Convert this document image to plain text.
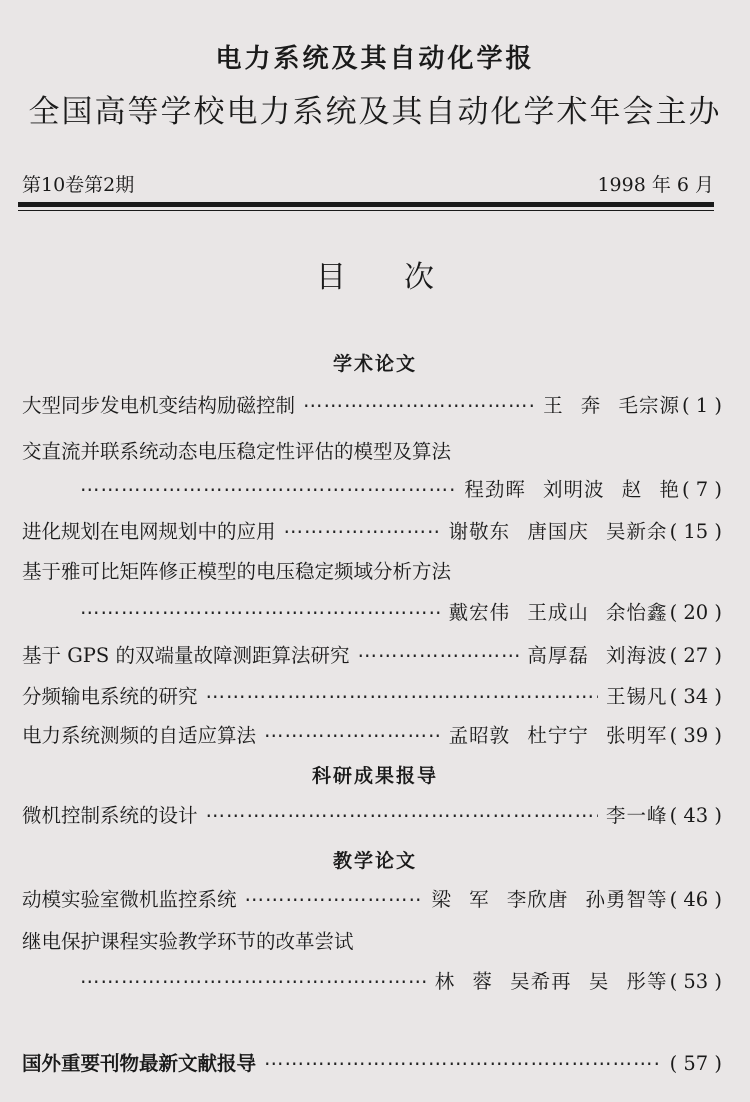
电力系统及其自动化学报
全国高等学校电力系统及其自动化学术年会主办
第10卷第2期	1998 年 6 月
目次
学术论文
大型同步发电机变结构励磁控制 ⋯⋯⋯⋯⋯⋯⋯⋯⋯⋯⋯⋯⋯⋯⋯⋯⋯⋯⋯⋯⋯⋯⋯⋯⋯⋯⋯⋯⋯⋯⋯⋯⋯⋯⋯⋯⋯⋯⋯⋯⋯⋯⋯⋯⋯⋯⋯⋯	王 奔 毛宗源 ( 1 )
交直流并联系统动态电压稳定性评估的模型及算法
⋯⋯⋯⋯⋯⋯⋯⋯⋯⋯⋯⋯⋯⋯⋯⋯⋯⋯⋯⋯⋯⋯⋯⋯⋯⋯⋯⋯⋯⋯⋯⋯⋯⋯⋯⋯⋯⋯⋯⋯⋯⋯⋯⋯⋯⋯⋯⋯
程劲晖 刘明波 赵 艳 ( 7 )
进化规划在电网规划中的应用 ⋯⋯⋯⋯⋯⋯⋯⋯⋯⋯⋯⋯⋯⋯⋯⋯⋯⋯⋯⋯⋯⋯⋯⋯⋯⋯⋯⋯⋯⋯⋯⋯⋯⋯⋯⋯⋯⋯⋯⋯⋯⋯⋯⋯⋯⋯⋯⋯	谢敬东 唐国庆 吴新余 ( 15 )
基于雅可比矩阵修正模型的电压稳定频域分析方法
⋯⋯⋯⋯⋯⋯⋯⋯⋯⋯⋯⋯⋯⋯⋯⋯⋯⋯⋯⋯⋯⋯⋯⋯⋯⋯⋯⋯⋯⋯⋯⋯⋯⋯⋯⋯⋯⋯⋯⋯⋯⋯⋯⋯⋯⋯⋯⋯
戴宏伟 王成山 余怡鑫 ( 20 )
基于 GPS 的双端量故障测距算法研究 ⋯⋯⋯⋯⋯⋯⋯⋯⋯⋯⋯⋯⋯⋯⋯⋯⋯⋯⋯⋯⋯⋯⋯⋯⋯⋯⋯⋯⋯⋯⋯⋯⋯⋯⋯⋯⋯⋯⋯⋯⋯⋯⋯⋯⋯⋯⋯⋯	高厚磊 刘海波 ( 27 )
分频输电系统的研究 ⋯⋯⋯⋯⋯⋯⋯⋯⋯⋯⋯⋯⋯⋯⋯⋯⋯⋯⋯⋯⋯⋯⋯⋯⋯⋯⋯⋯⋯⋯⋯⋯⋯⋯⋯⋯⋯⋯⋯⋯⋯⋯⋯⋯⋯⋯⋯⋯	王锡凡 ( 34 )
电力系统测频的自适应算法 ⋯⋯⋯⋯⋯⋯⋯⋯⋯⋯⋯⋯⋯⋯⋯⋯⋯⋯⋯⋯⋯⋯⋯⋯⋯⋯⋯⋯⋯⋯⋯⋯⋯⋯⋯⋯⋯⋯⋯⋯⋯⋯⋯⋯⋯⋯⋯⋯	孟昭敦 杜宁宁 张明军 ( 39 )
科研成果报导
微机控制系统的设计 ⋯⋯⋯⋯⋯⋯⋯⋯⋯⋯⋯⋯⋯⋯⋯⋯⋯⋯⋯⋯⋯⋯⋯⋯⋯⋯⋯⋯⋯⋯⋯⋯⋯⋯⋯⋯⋯⋯⋯⋯⋯⋯⋯⋯⋯⋯⋯⋯	李一峰 ( 43 )
教学论文
动模实验室微机监控系统 ⋯⋯⋯⋯⋯⋯⋯⋯⋯⋯⋯⋯⋯⋯⋯⋯⋯⋯⋯⋯⋯⋯⋯⋯⋯⋯⋯⋯⋯⋯⋯⋯⋯⋯⋯⋯⋯⋯⋯⋯⋯⋯⋯⋯⋯⋯⋯⋯	梁 军 李欣唐 孙勇智等 ( 46 )
继电保护课程实验教学环节的改革尝试
⋯⋯⋯⋯⋯⋯⋯⋯⋯⋯⋯⋯⋯⋯⋯⋯⋯⋯⋯⋯⋯⋯⋯⋯⋯⋯⋯⋯⋯⋯⋯⋯⋯⋯⋯⋯⋯⋯⋯⋯⋯⋯⋯⋯⋯⋯⋯⋯
林 蓉 吴希再 吴 彤等 ( 53 )
国外重要刊物最新文献报导 ⋯⋯⋯⋯⋯⋯⋯⋯⋯⋯⋯⋯⋯⋯⋯⋯⋯⋯⋯⋯⋯⋯⋯⋯⋯⋯⋯⋯⋯⋯⋯⋯⋯⋯⋯⋯⋯⋯⋯⋯⋯⋯⋯⋯⋯⋯⋯⋯	( 57 )
